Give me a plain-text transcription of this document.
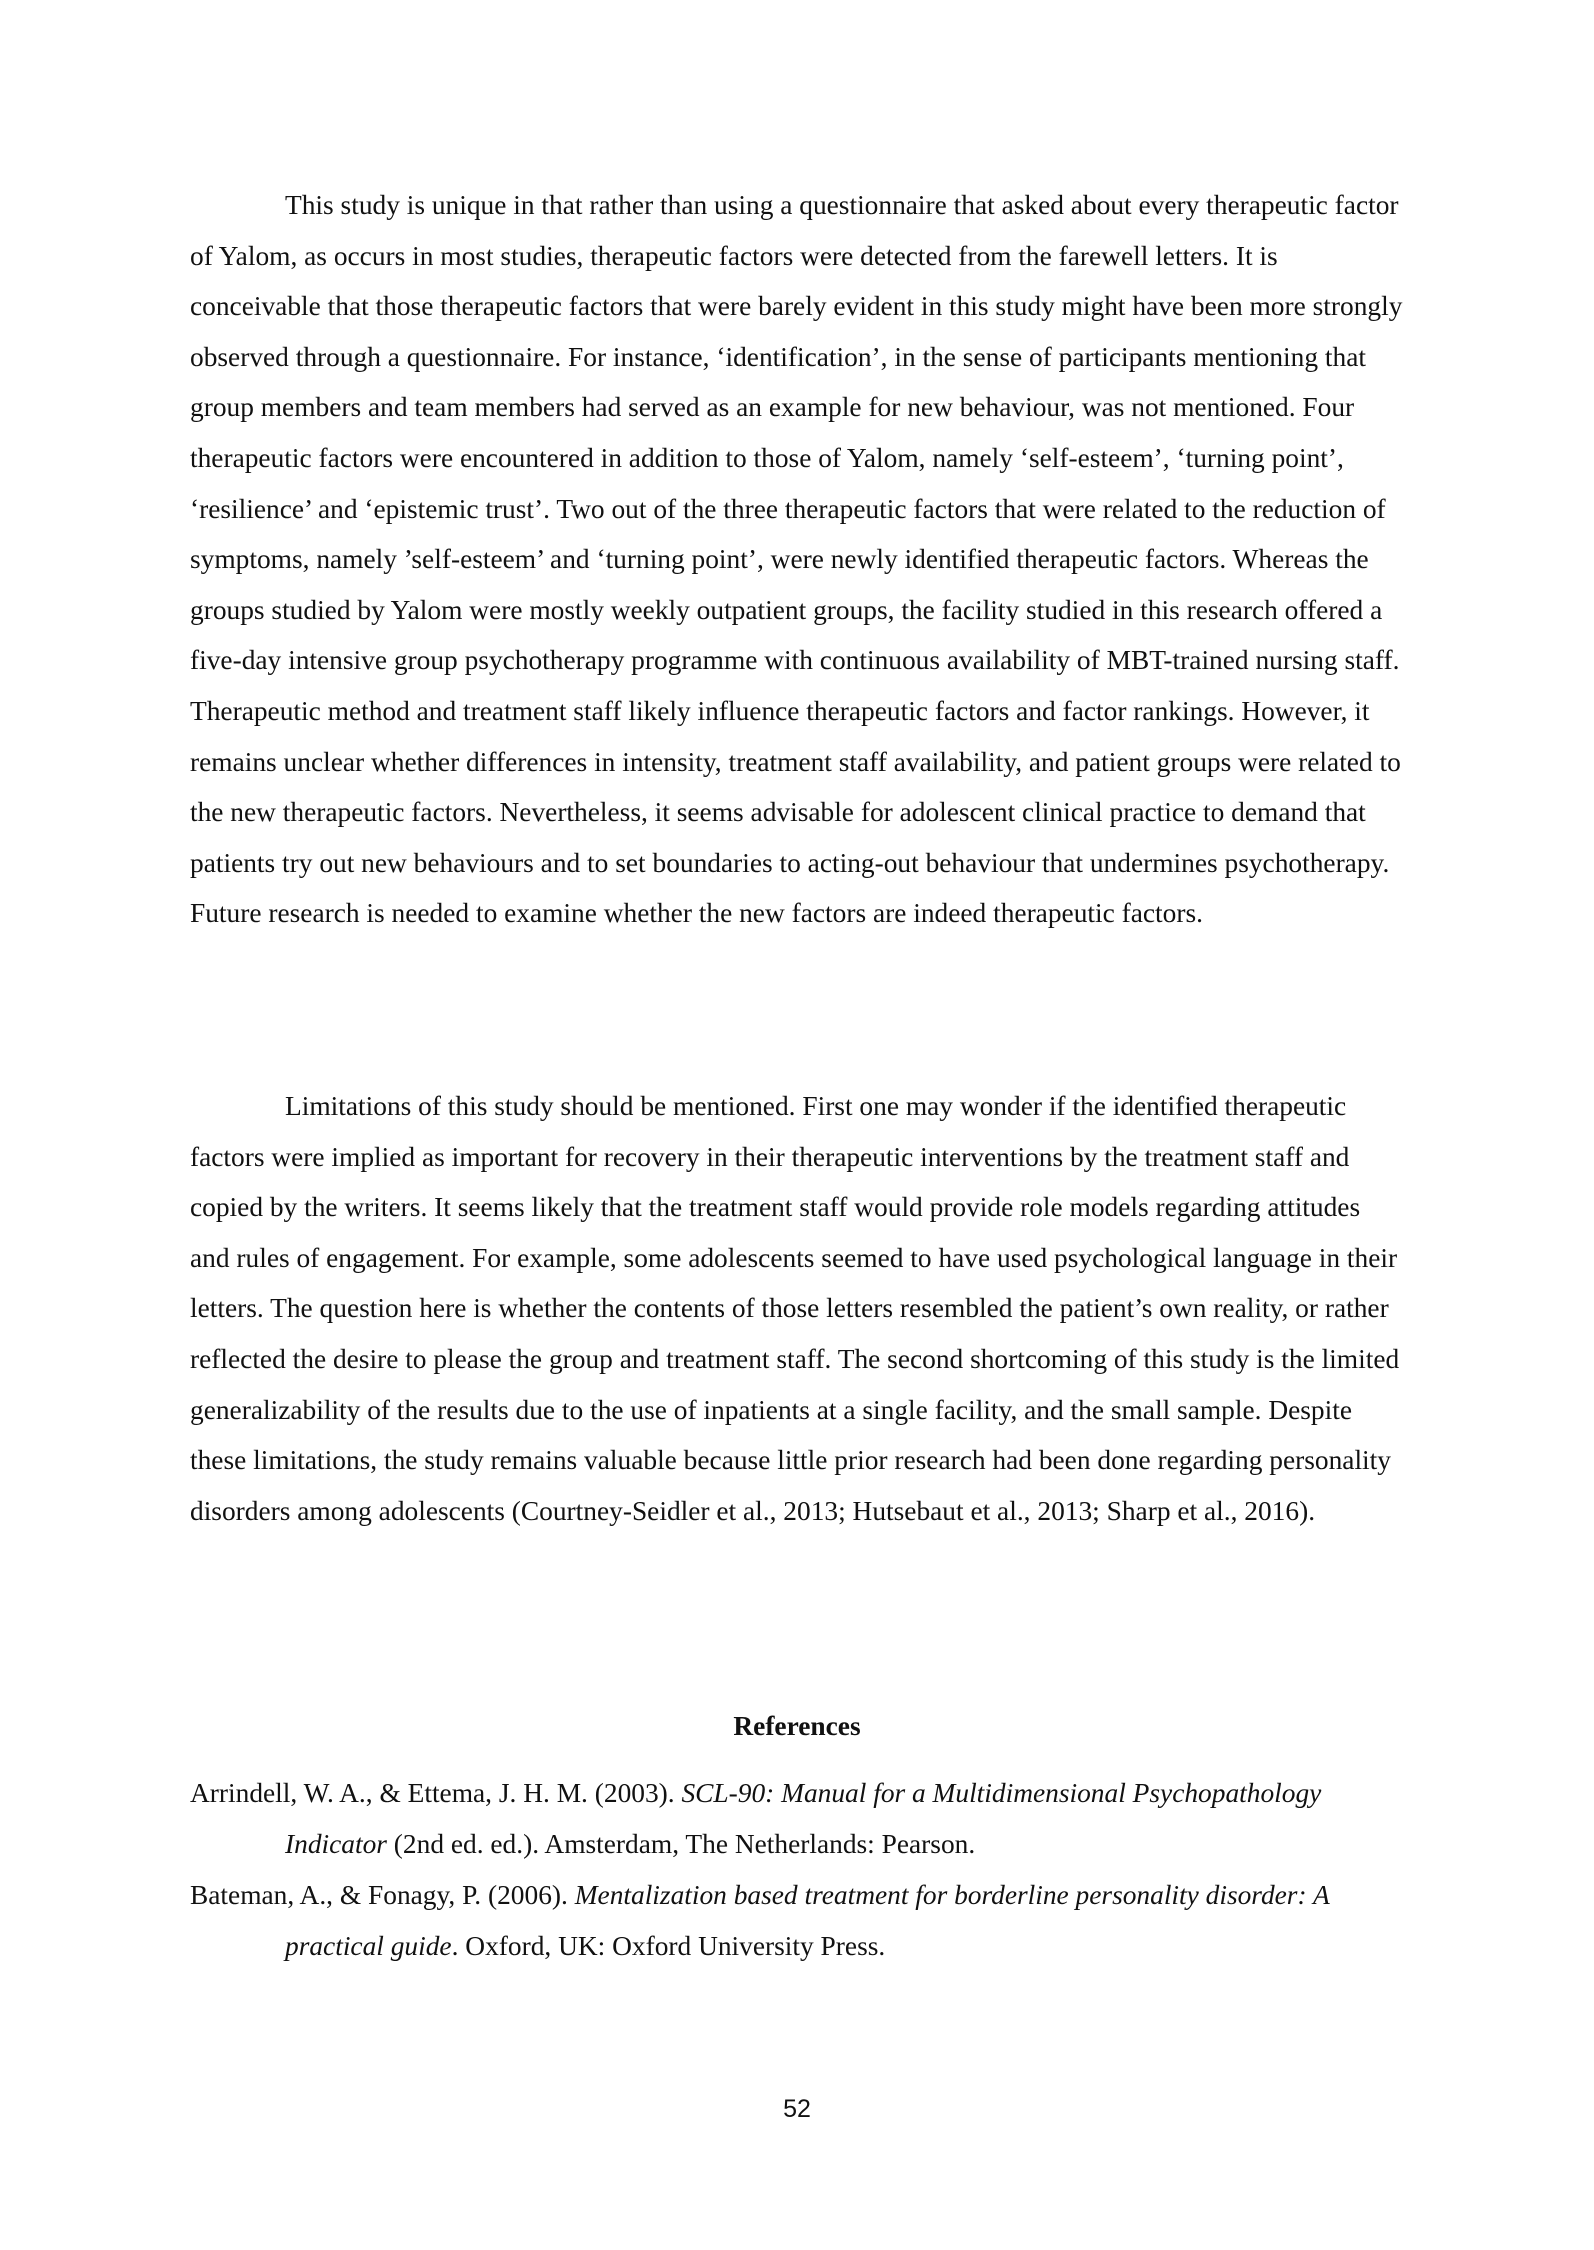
This study is unique in that rather than using a questionnaire that asked about every therapeutic factor of Yalom, as occurs in most studies, therapeutic factors were detected from the farewell letters. It is conceivable that those therapeutic factors that were barely evident in this study might have been more strongly observed through a questionnaire. For instance, ‘identification’, in the sense of participants mentioning that group members and team members had served as an example for new behaviour, was not mentioned. Four therapeutic factors were encountered in addition to those of Yalom, namely ‘self-esteem’, ‘turning point’, ‘resilience’ and ‘epistemic trust’. Two out of the three therapeutic factors that were related to the reduction of symptoms, namely ’self-esteem’ and ‘turning point’, were newly identified therapeutic factors. Whereas the groups studied by Yalom were mostly weekly outpatient groups, the facility studied in this research offered a five-day intensive group psychotherapy programme with continuous availability of MBT-trained nursing staff. Therapeutic method and treatment staff likely influence therapeutic factors and factor rankings. However, it remains unclear whether differences in intensity, treatment staff availability, and patient groups were related to the new therapeutic factors. Nevertheless, it seems advisable for adolescent clinical practice to demand that patients try out new behaviours and to set boundaries to acting-out behaviour that undermines psychotherapy. Future research is needed to examine whether the new factors are indeed therapeutic factors.

Limitations of this study should be mentioned. First one may wonder if the identified therapeutic factors were implied as important for recovery in their therapeutic interventions by the treatment staff and copied by the writers. It seems likely that the treatment staff would provide role models regarding attitudes and rules of engagement. For example, some adolescents seemed to have used psychological language in their letters. The question here is whether the contents of those letters resembled the patient’s own reality, or rather reflected the desire to please the group and treatment staff. The second shortcoming of this study is the limited generalizability of the results due to the use of inpatients at a single facility, and the small sample. Despite these limitations, the study remains valuable because little prior research had been done regarding personality disorders among adolescents (Courtney-Seidler et al., 2013; Hutsebaut et al., 2013; Sharp et al., 2016).

References

Arrindell, W. A., & Ettema, J. H. M. (2003). SCL-90: Manual for a Multidimensional Psychopathology Indicator (2nd ed. ed.). Amsterdam, The Netherlands: Pearson.

Bateman, A., & Fonagy, P. (2006). Mentalization based treatment for borderline personality disorder: A practical guide. Oxford, UK: Oxford University Press.

52
